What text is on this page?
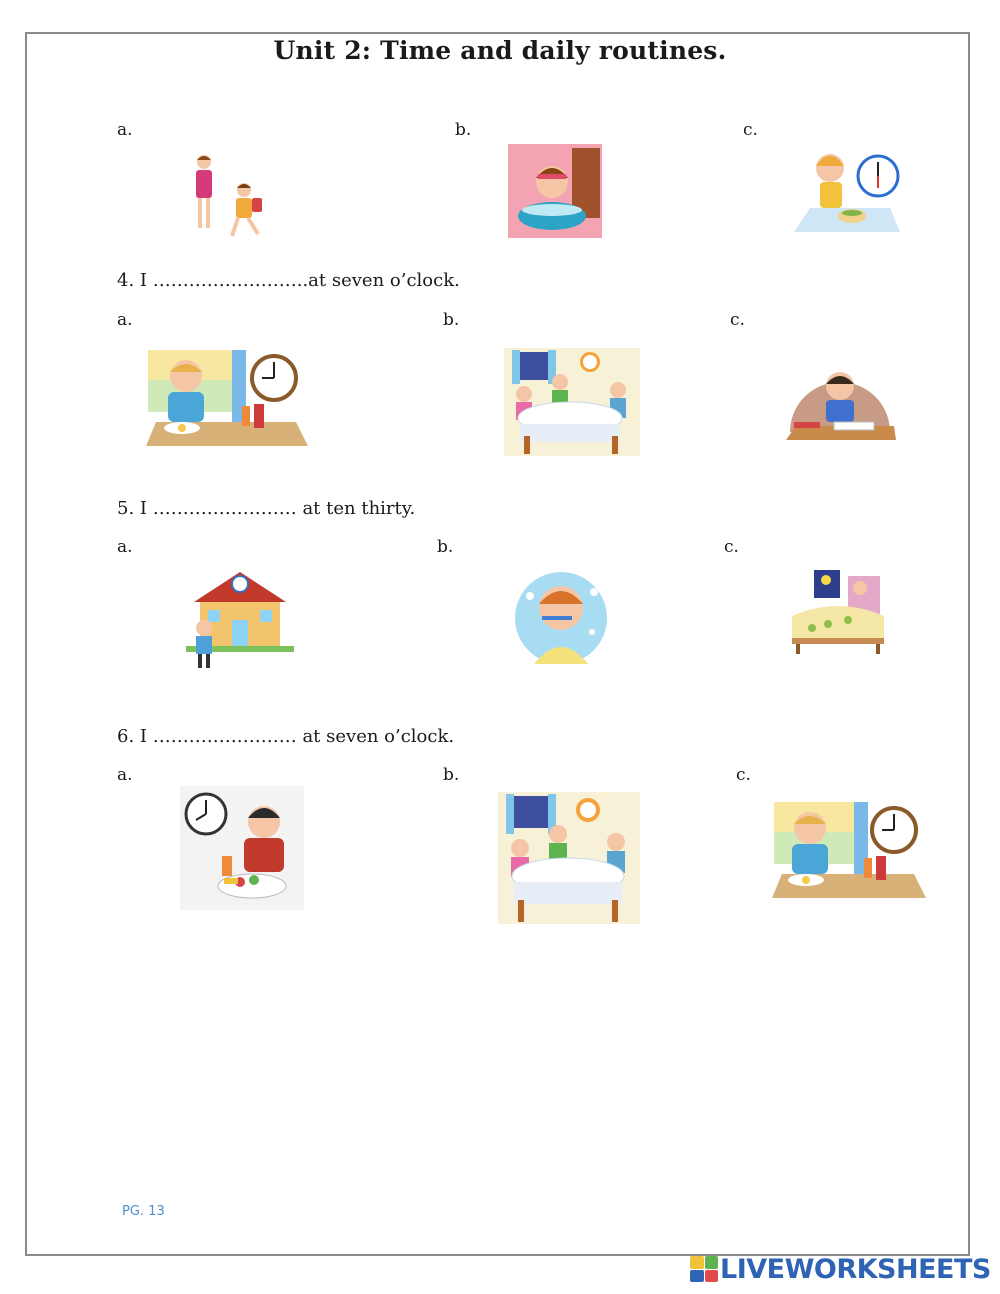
Unit 2: Time and daily routines.
a.	b.	c.
4. I ……………………..at seven o’clock.
a.	b.	c.
5. I …………………… at ten thirty.
a.	b.	c.
6. I …………………… at seven o’clock.
a.	b.	c.
PG. 13
LIVEWORKSHEETS
